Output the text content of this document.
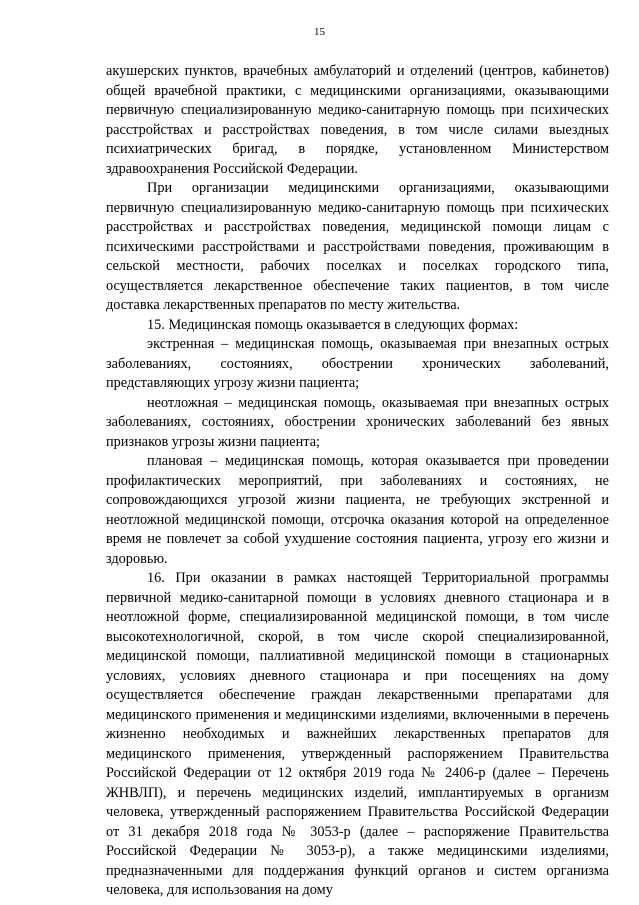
15

акушерских пунктов, врачебных амбулаторий и отделений (центров, кабинетов) общей врачебной практики, с медицинскими организациями, оказывающими первичную специализированную медико-санитарную помощь при психических расстройствах и расстройствах поведения, в том числе силами выездных психиатрических бригад, в порядке, установленном Министерством здравоохранения Российской Федерации.

При организации медицинскими организациями, оказывающими первичную специализированную медико-санитарную помощь при психических расстройствах и расстройствах поведения, медицинской помощи лицам с психическими расстройствами и расстройствами поведения, проживающим в сельской местности, рабочих поселках и поселках городского типа, осуществляется лекарственное обеспечение таких пациентов, в том числе доставка лекарственных препаратов по месту жительства.

15. Медицинская помощь оказывается в следующих формах:

экстренная – медицинская помощь, оказываемая при внезапных острых заболеваниях, состояниях, обострении хронических заболеваний, представляющих угрозу жизни пациента;

неотложная – медицинская помощь, оказываемая при внезапных острых заболеваниях, состояниях, обострении хронических заболеваний без явных признаков угрозы жизни пациента;

плановая – медицинская помощь, которая оказывается при проведении профилактических мероприятий, при заболеваниях и состояниях, не сопровождающихся угрозой жизни пациента, не требующих экстренной и неотложной медицинской помощи, отсрочка оказания которой на определенное время не повлечет за собой ухудшение состояния пациента, угрозу его жизни и здоровью.

16. При оказании в рамках настоящей Территориальной программы первичной медико-санитарной помощи в условиях дневного стационара и в неотложной форме, специализированной медицинской помощи, в том числе высокотехнологичной, скорой, в том числе скорой специализированной, медицинской помощи, паллиативной медицинской помощи в стационарных условиях, условиях дневного стационара и при посещениях на дому осуществляется обеспечение граждан лекарственными препаратами для медицинского применения и медицинскими изделиями, включенными в перечень жизненно необходимых и важнейших лекарственных препаратов для медицинского применения, утвержденный распоряжением Правительства Российской Федерации от 12 октября 2019 года № 2406-р (далее – Перечень ЖНВЛП), и перечень медицинских изделий, имплантируемых в организм человека, утвержденный распоряжением Правительства Российской Федерации от 31 декабря 2018 года № 3053-р (далее – распоряжение Правительства Российской Федерации № 3053-р), а также медицинскими изделиями, предназначенными для поддержания функций органов и систем организма человека, для использования на дому
